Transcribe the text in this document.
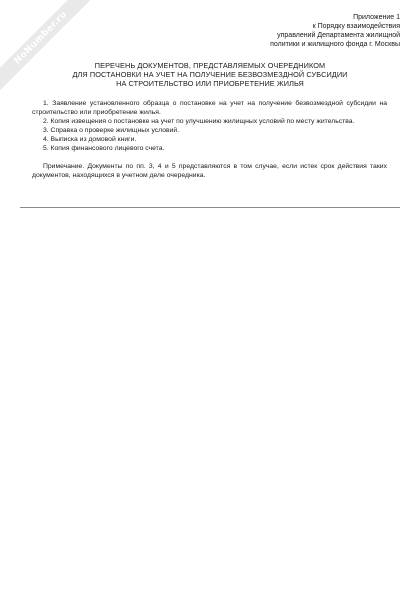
NoNumber.ru	Приложение 1
к Порядку взаимодействия
управлений Департамента жилищной
политики и жилищного фонда г. Москвы
ПЕРЕЧЕНЬ ДОКУМЕНТОВ, ПРЕДСТАВЛЯЕМЫХ ОЧЕРЕДНИКОМ
ДЛЯ ПОСТАНОВКИ НА УЧЕТ НА ПОЛУЧЕНИЕ БЕЗВОЗМЕЗДНОЙ СУБСИДИИ
НА СТРОИТЕЛЬСТВО ИЛИ ПРИОБРЕТЕНИЕ ЖИЛЬЯ
1. Заявление установленного образца о постановке на учет на получение безвозмездной субсидии на строительство или приобретение жилья.
2. Копия извещения о постановке на учет по улучшению жилищных условий по месту жительства.
3. Справка о проверке жилищных условий.
4. Выписка из домовой книги.
5. Копия финансового лицевого счета.
Примечание. Документы по пп. 3, 4 и 5 представляются в том случае, если истек срок действия таких документов, находящихся в учетном деле очередника.
